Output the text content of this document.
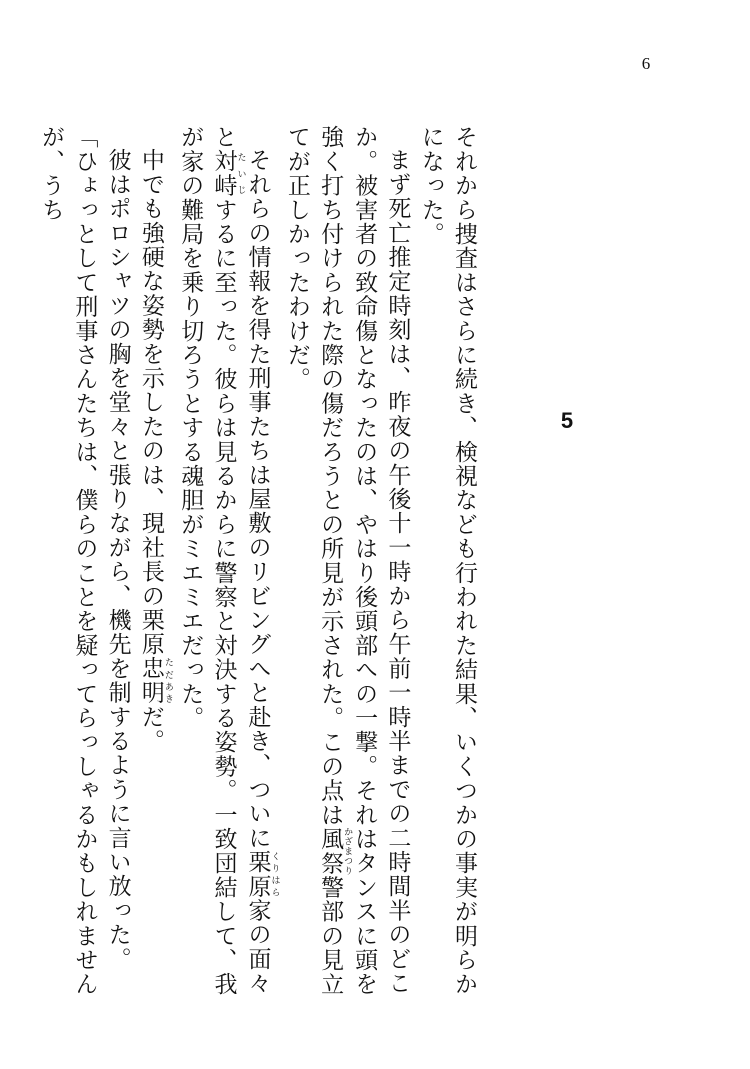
6
5

それから捜査はさらに続き、検視なども行われた結果、いくつかの事実が明らかになった。

まず死亡推定時刻は、昨夜の午後十一時から午前一時半までの二時間半のどこか。被害者の致命傷となったのは、やはり後頭部への一撃。それはタンスに頭を強く打ち付けられた際の傷だろうとの所見が示された。この点は風祭 かざまつり警部の見立てが正しかったわけだ。

それらの情報を得た刑事たちは屋敷のリビングへと赴き、ついに栗原 くりはら家の面々と対峙 たいじするに至った。彼らは見るからに警察と対決する姿勢。一致団結して、我が家の難局を乗り切ろうとする魂胆がミエミエだった。

中でも強硬な姿勢を示したのは、現社長の栗原忠明 ただあきだ。

彼はポロシャツの胸を堂々と張りながら、機先を制するように言い放った。

「ひょっとして刑事さんたちは、僕らのことを疑ってらっしゃるかもしれませんが、うち
